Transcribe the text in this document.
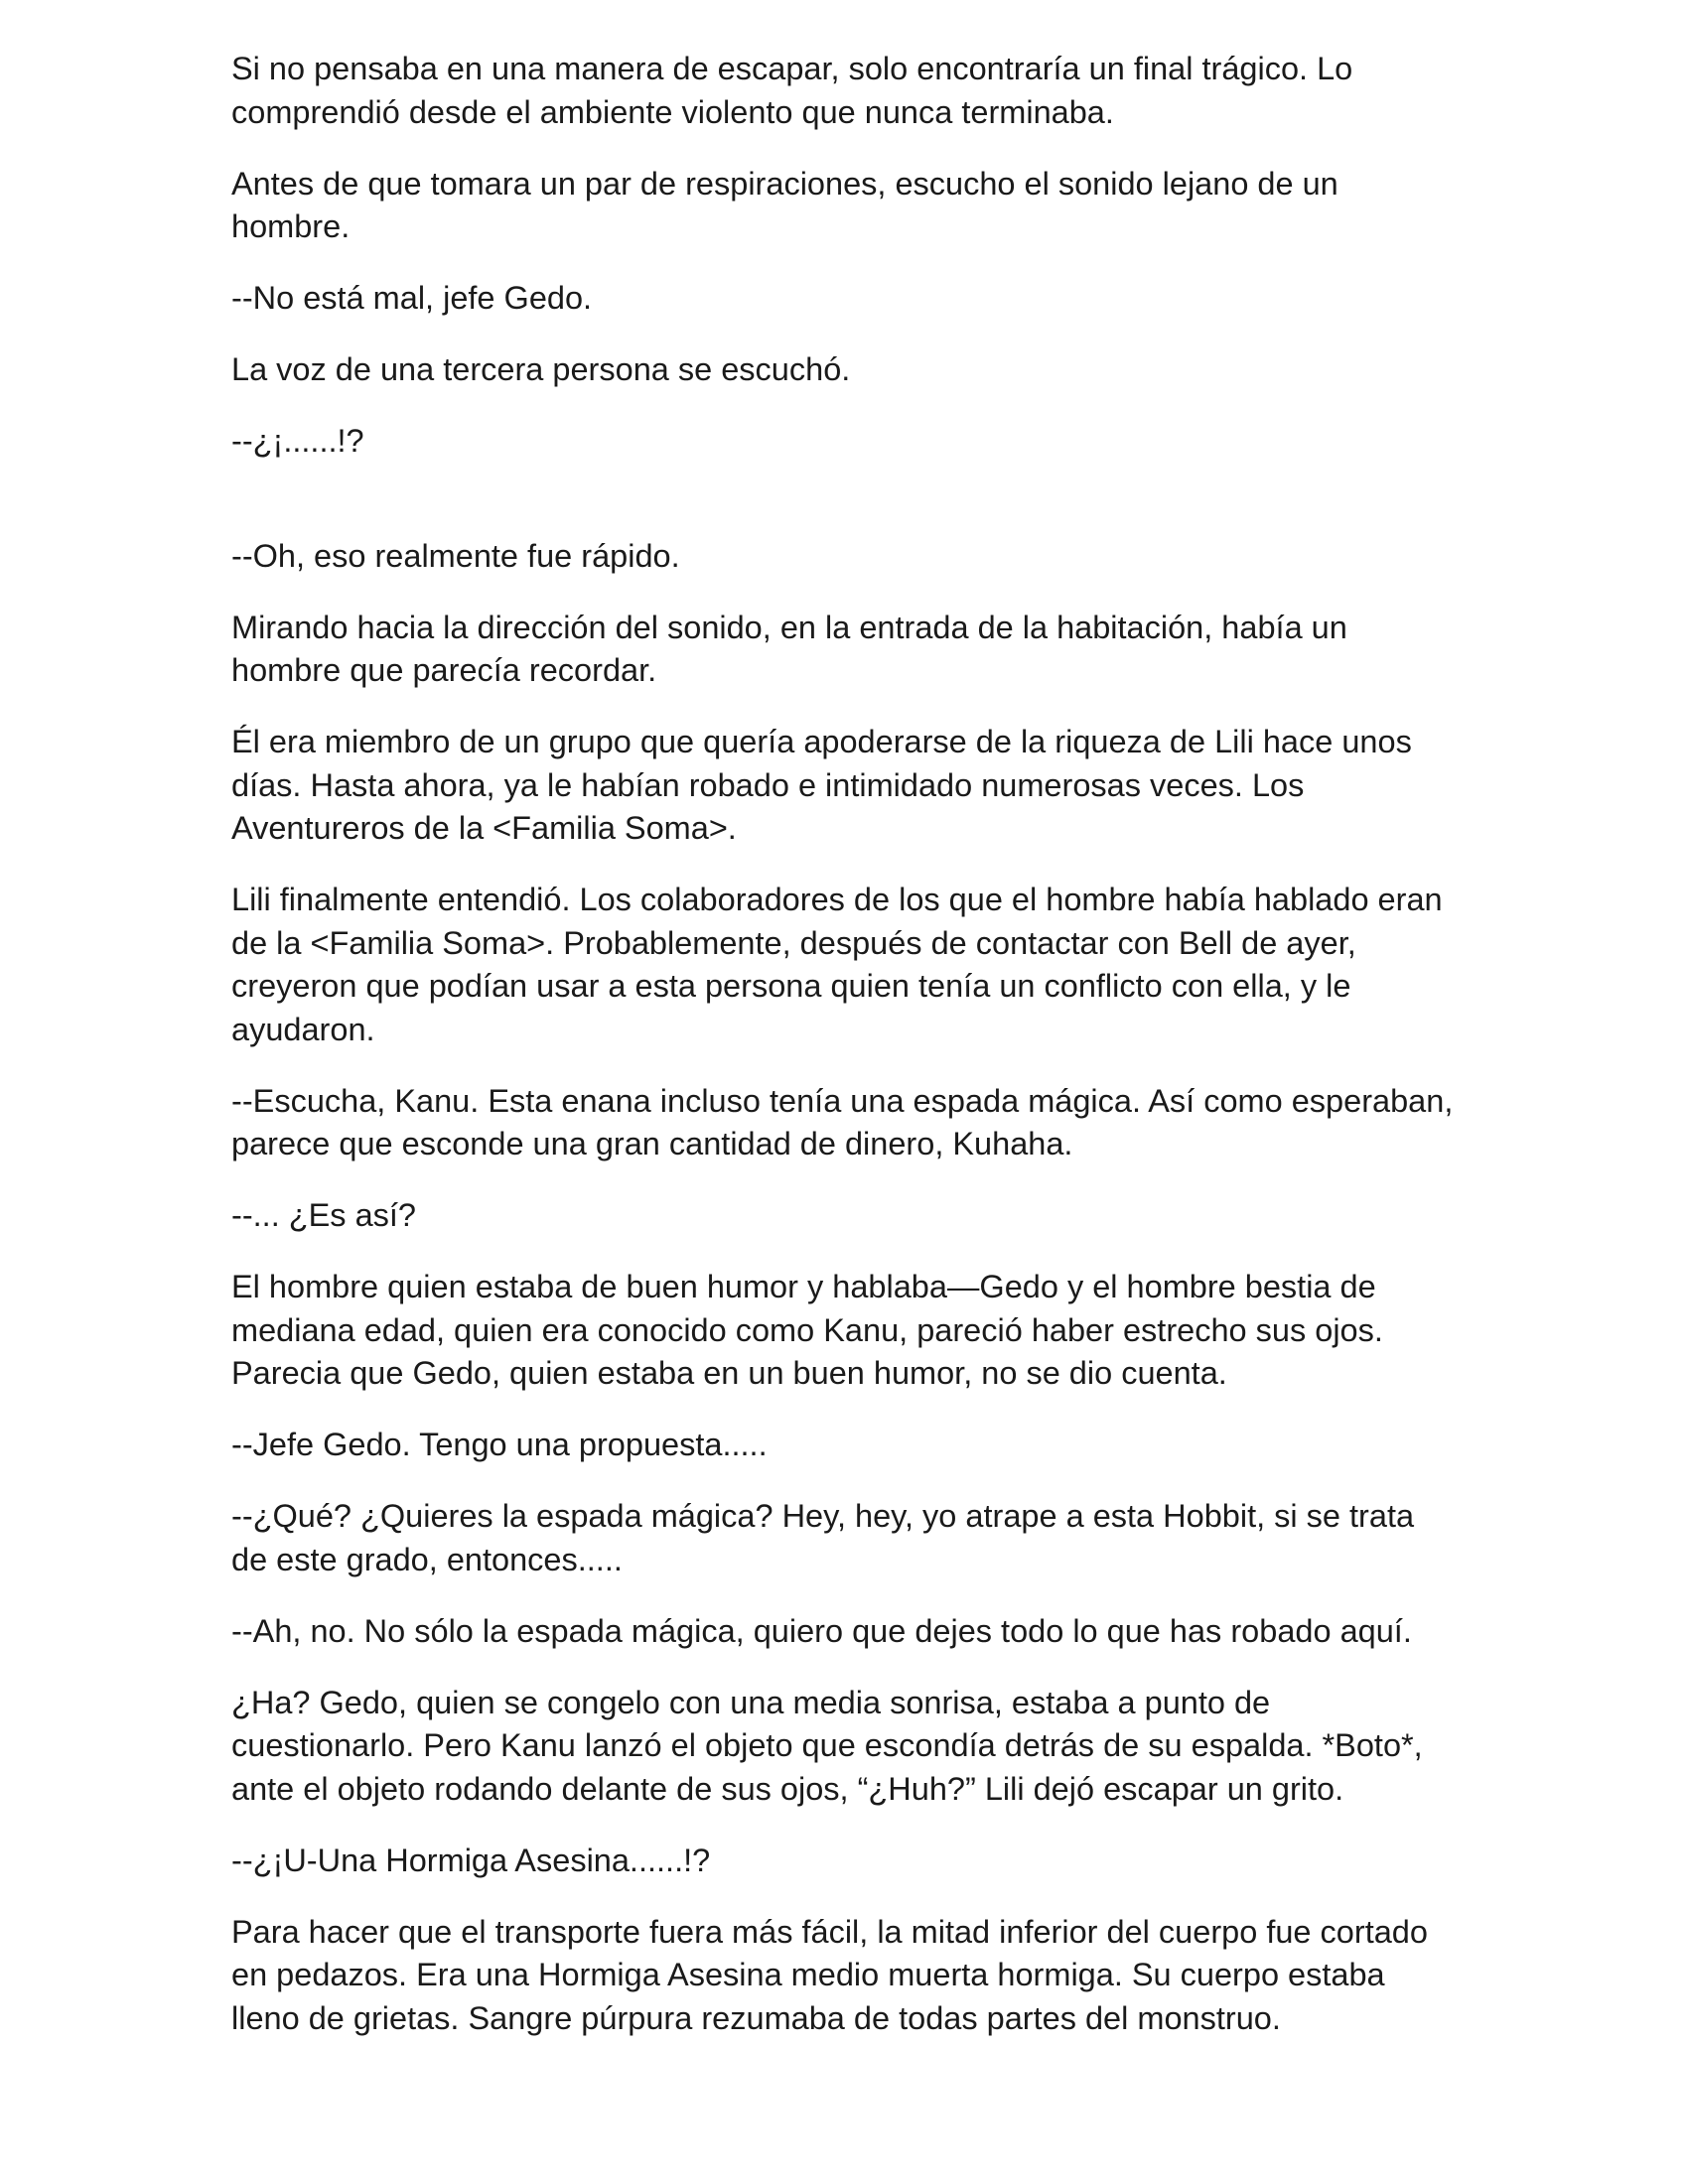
Si no pensaba en una manera de escapar, solo encontraría un final trágico. Lo comprendió desde el ambiente violento que nunca terminaba.

Antes de que tomara un par de respiraciones, escucho el sonido lejano de un hombre.

--No está mal, jefe Gedo.

La voz de una tercera persona se escuchó.

--¿¡......!?

--Oh, eso realmente fue rápido.

Mirando hacia la dirección del sonido, en la entrada de la habitación, había un hombre que parecía recordar.

Él era miembro de un grupo que quería apoderarse de la riqueza de Lili hace unos días. Hasta ahora, ya le habían robado e intimidado numerosas veces. Los Aventureros de la <Familia Soma>.

Lili finalmente entendió. Los colaboradores de los que el hombre había hablado eran de la <Familia Soma>. Probablemente, después de contactar con Bell de ayer, creyeron que podían usar a esta persona quien tenía un conflicto con ella, y le ayudaron.

--Escucha, Kanu. Esta enana incluso tenía una espada mágica. Así como esperaban, parece que esconde una gran cantidad de dinero, Kuhaha.

--... ¿Es así?

El hombre quien estaba de buen humor y hablaba—Gedo y el hombre bestia de mediana edad, quien era conocido como Kanu, pareció haber estrecho sus ojos. Parecia que Gedo, quien estaba en un buen humor, no se dio cuenta.

--Jefe Gedo. Tengo una propuesta.....

--¿Qué? ¿Quieres la espada mágica? Hey, hey, yo atrape a esta Hobbit, si se trata de este grado, entonces.....

--Ah, no. No sólo la espada mágica, quiero que dejes todo lo que has robado aquí.

¿Ha? Gedo, quien se congelo con una media sonrisa, estaba a punto de cuestionarlo. Pero Kanu lanzó el objeto que escondía detrás de su espalda. *Boto*, ante el objeto rodando delante de sus ojos, “¿Huh?” Lili dejó escapar un grito.

--¿¡U-Una Hormiga Asesina......!?

Para hacer que el transporte fuera más fácil, la mitad inferior del cuerpo fue cortado en pedazos. Era una Hormiga Asesina medio muerta hormiga. Su cuerpo estaba lleno de grietas. Sangre púrpura rezumaba de todas partes del monstruo.
